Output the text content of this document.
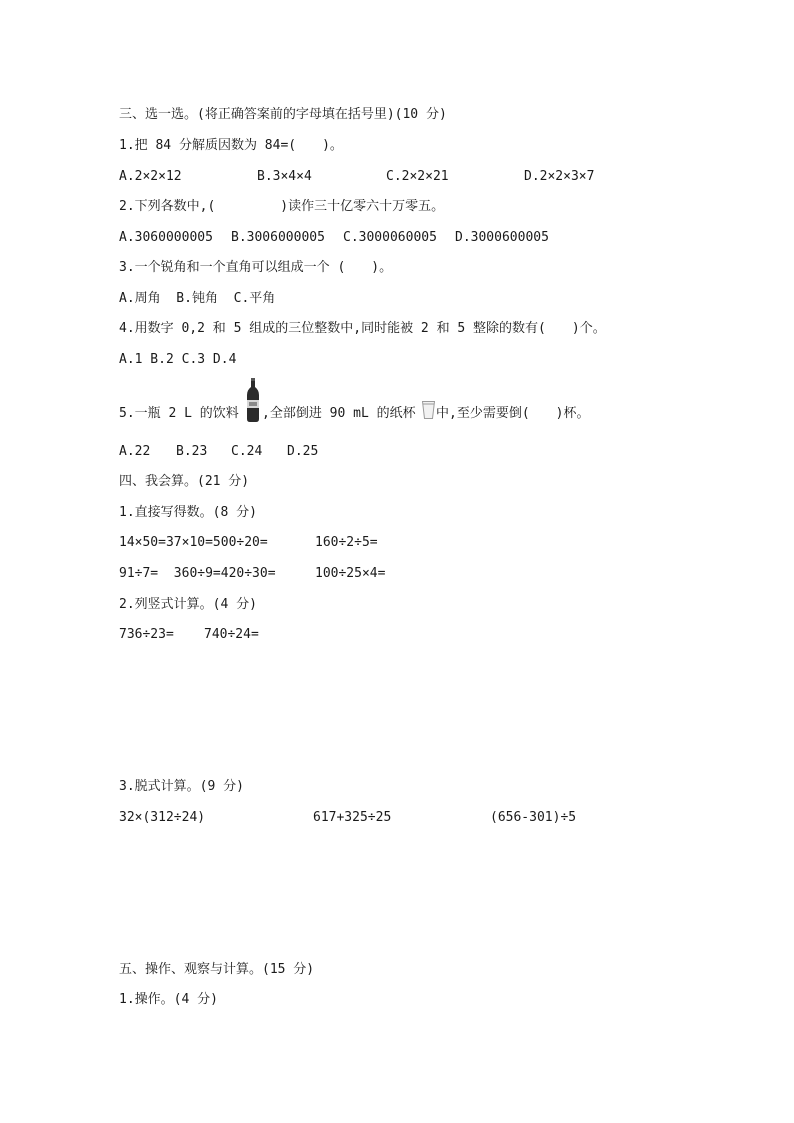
三、选一选。(将正确答案前的字母填在括号里)(10 分)
1.把 84 分解质因数为 84=(　　)。
A.2×2×12	B.3×4×4	C.2×2×21	D.2×2×3×7
2.下列各数中,(　　　　　)读作三十亿零六十万零五。
A.3060000005 B.3006000005 C.3000060005 D.3000600005
3.一个锐角和一个直角可以组成一个 (　　)。
A.周角  B.钝角  C.平角
4.用数字 0,2 和 5 组成的三位整数中,同时能被 2 和 5 整除的数有(　　)个。
A.1 B.2 C.3 D.4
5.一瓶 2 L 的饮料 ,全部倒进 90 mL 的纸杯 中,至少需要倒(　　)杯。
A.22 B.23 C.24 D.25
四、我会算。(21 分)
1.直接写得数。(8 分)
14×50=37×10=500÷20=	160÷2÷5=
91÷7=  360÷9=420÷30=	100÷25×4=
2.列竖式计算。(4 分)
736÷23= 740÷24=
3.脱式计算。(9 分)
32×(312÷24)	617+325÷25	(656-301)÷5
五、操作、观察与计算。(15 分)
1.操作。(4 分)
